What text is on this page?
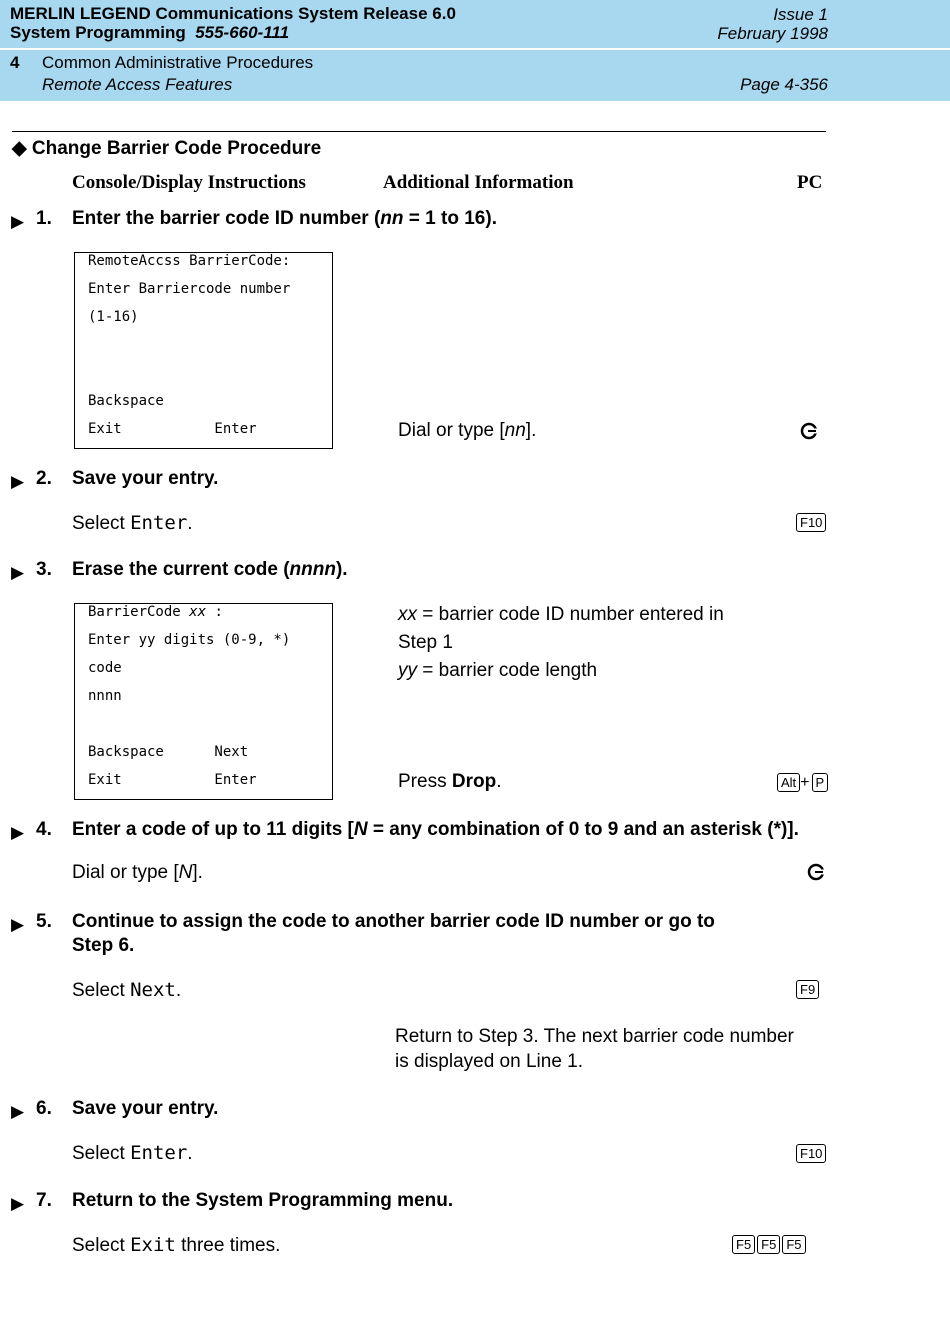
MERLIN LEGEND Communications System Release 6.0
System Programming 555-660-111
Issue 1
February 1998
4 Common Administrative Procedures
Remote Access Features	Page 4-356
◆ Change Barrier Code Procedure
Console/Display Instructions	Additional Information	PC
▶ 1. Enter the barrier code ID number (nn = 1 to 16).
RemoteAccss BarrierCode:
Enter Barriercode number
(1-16)
Backspace
Exit           Enter	Dial or type [nn].
▶ 2. Save your entry.
Select Enter.	F10
▶ 3. Erase the current code (nnnn).
BarrierCode xx :
Enter yy digits (0-9, *)
code
nnnn
Backspace      Next
Exit           Enter
xx = barrier code ID number entered in
Step 1
yy = barrier code length
Press Drop.	Alt + P
▶ 4. Enter a code of up to 11 digits [N = any combination of 0 to 9 and an asterisk (*)].
Dial or type [N].
▶ 5. Continue to assign the code to another barrier code ID number or go to
Step 6.
Select Next.	F9
Return to Step 3. The next barrier code number
is displayed on Line 1.
▶ 6. Save your entry.
Select Enter.	F10
▶ 7. Return to the System Programming menu.
Select Exit three times.	F5 F5 F5
